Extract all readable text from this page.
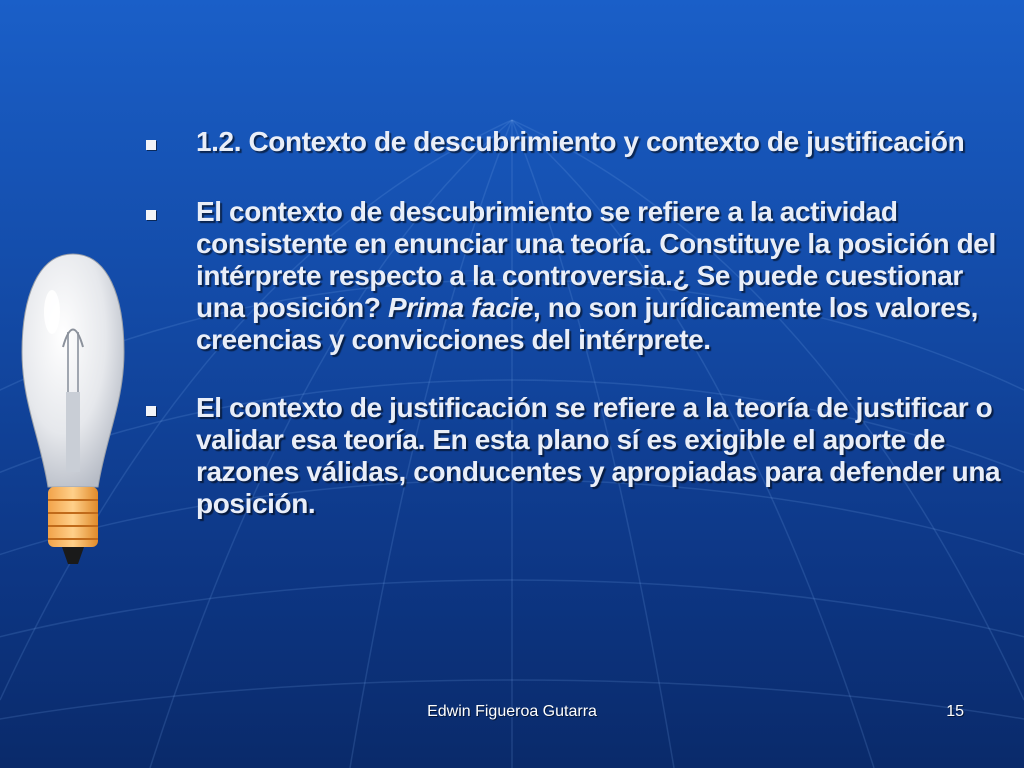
1.2. Contexto de descubrimiento y contexto de justificación
El contexto de descubrimiento se refiere a la actividad consistente en enunciar una teoría. Constituye la posición del intérprete respecto a la controversia.¿ Se puede cuestionar una posición? Prima facie, no son jurídicamente los valores, creencias y convicciones del intérprete.
El contexto de justificación se refiere a la teoría de justificar o validar esa teoría. En esta plano sí es exigible el aporte de razones válidas, conducentes y apropiadas para defender una posición.
Edwin Figueroa Gutarra	15
